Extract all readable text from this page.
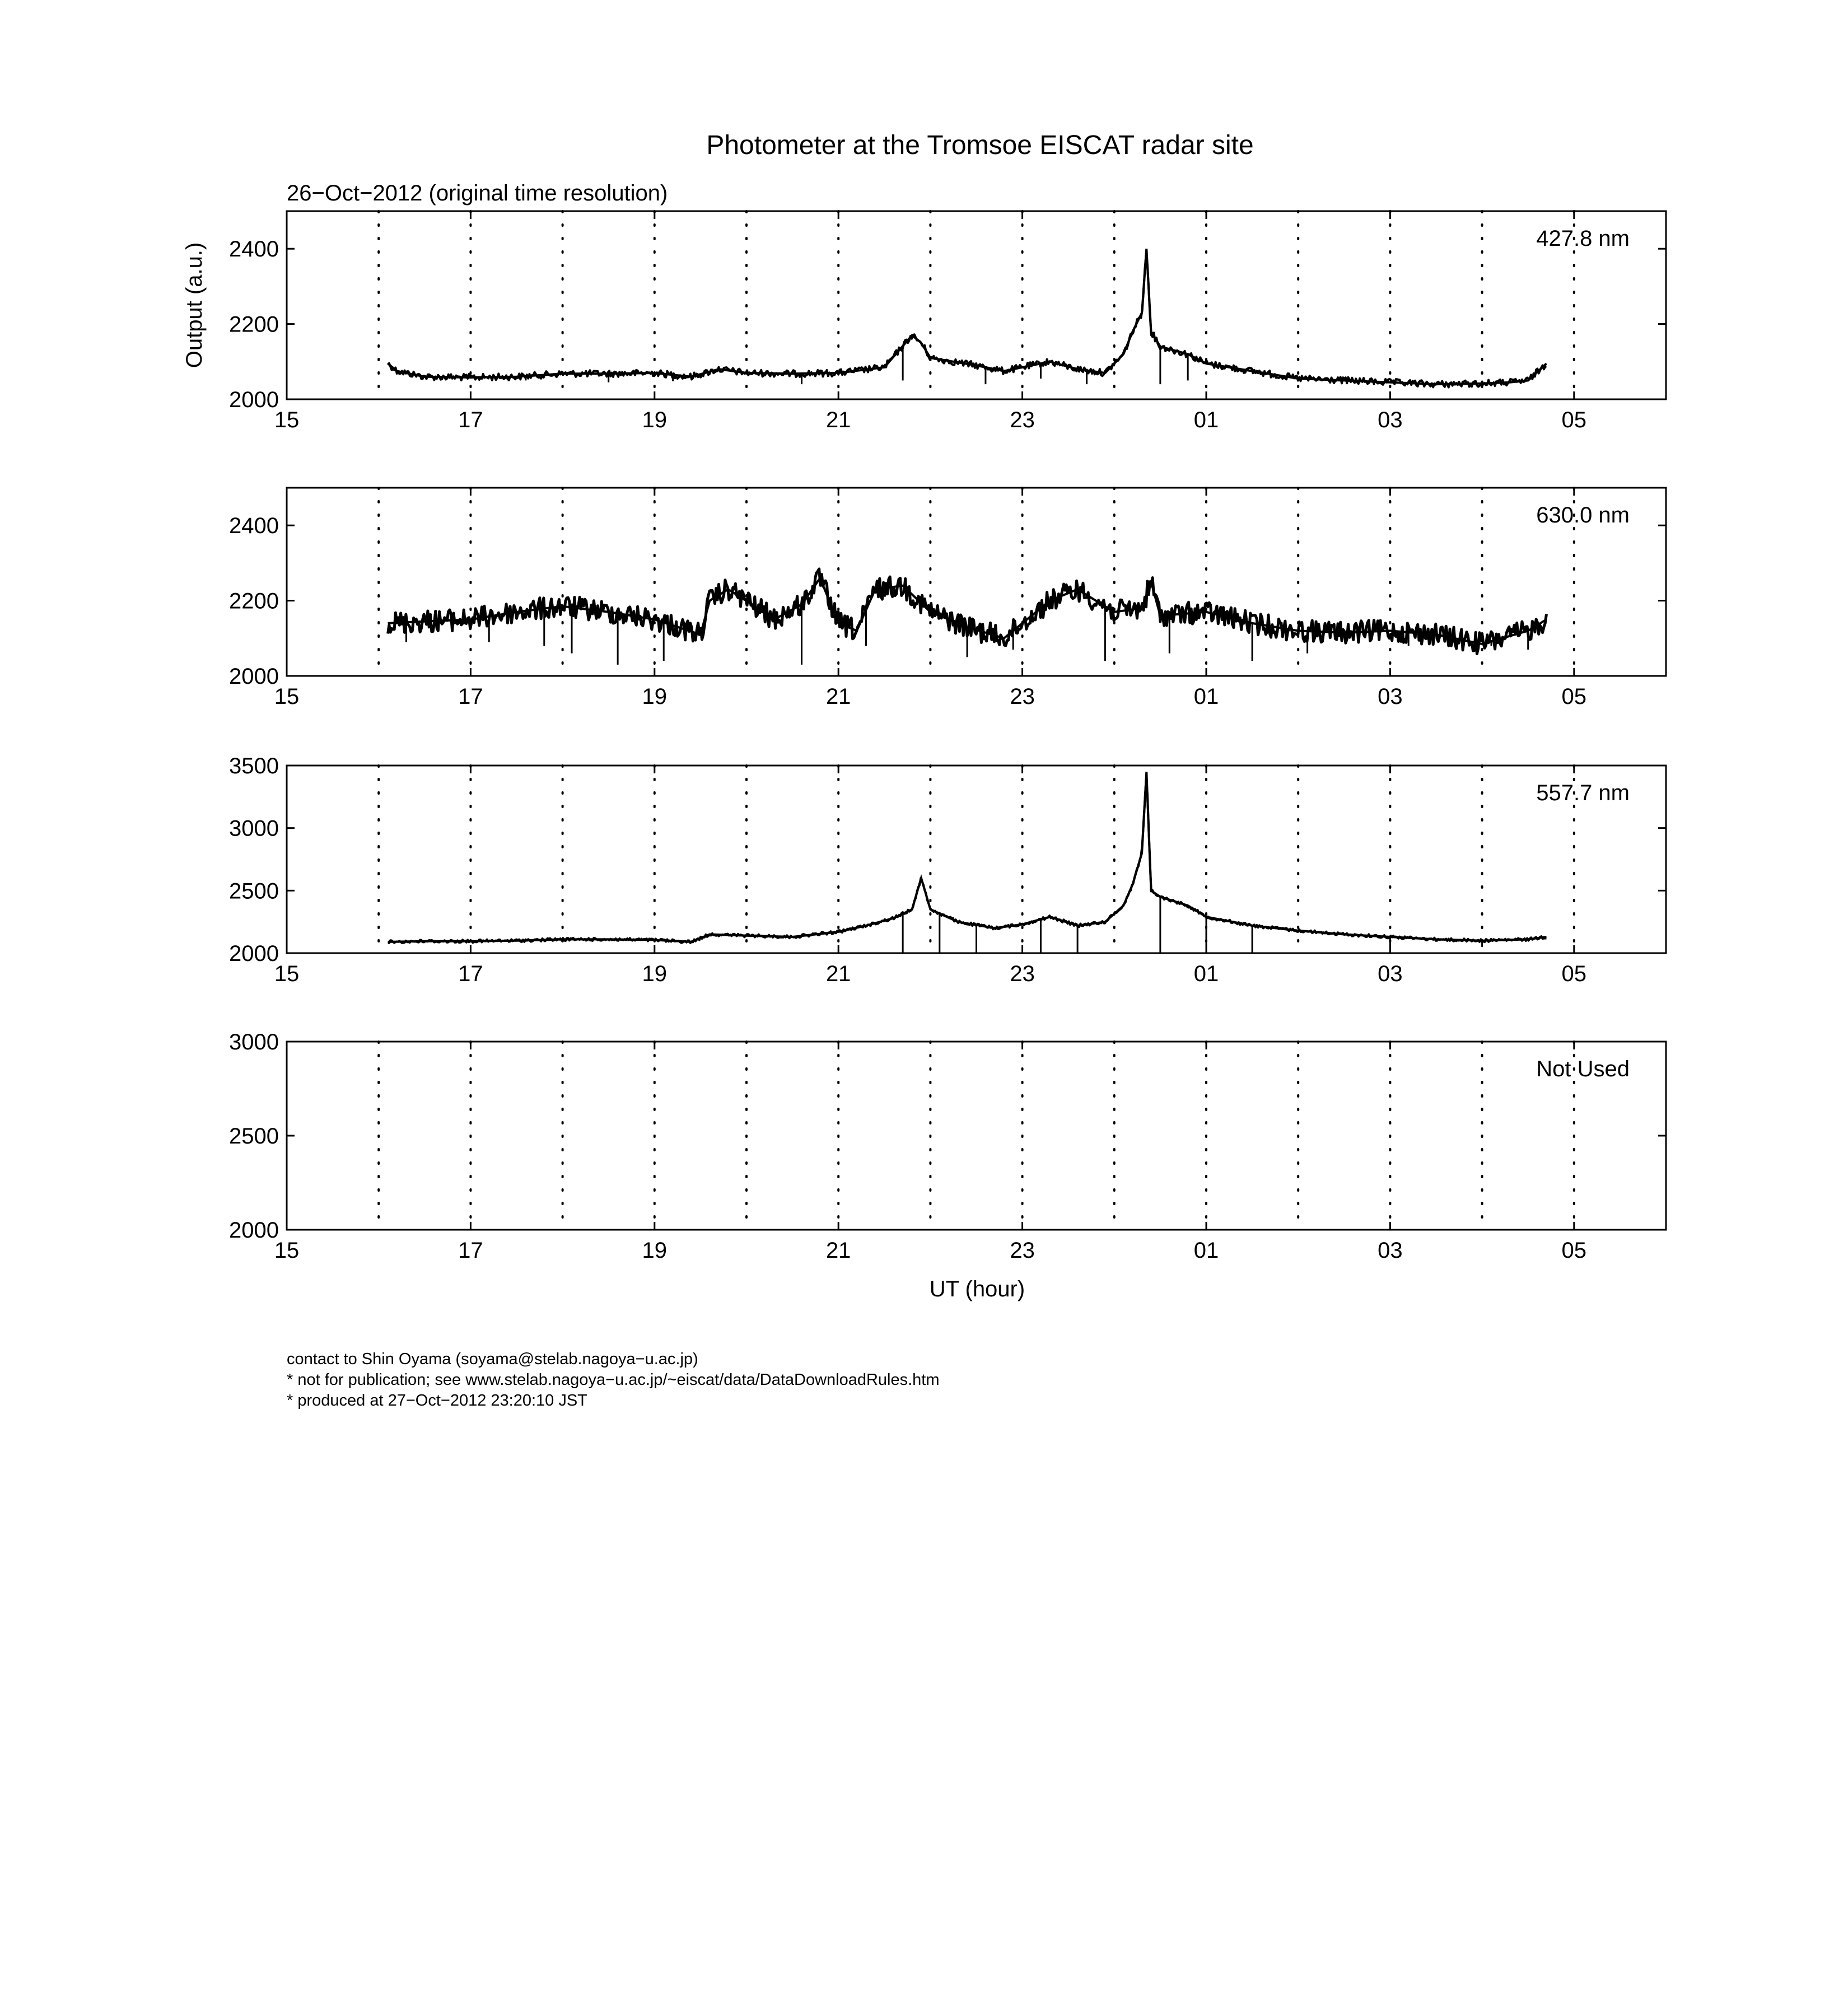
Photometer at the Tromsoe EISCAT radar site
26−Oct−2012 (original time resolution)
Output (a.u.)
UT (hour)
contact to Shin Oyama (soyama@stelab.nagoya−u.ac.jp)
* not for publication; see www.stelab.nagoya−u.ac.jp/~eiscat/data/DataDownloadRules.htm
* produced at 27−Oct−2012 23:20:10 JST
15	17	19	21	23	01	03	05
2000
2200
2400	427.8 nm
15	17	19	21	23	01	03	05
2000
2200
2400	630.0 nm
15	17	19	21	23	01	03	05
2000
2500
3000
3500
557.7 nm
15	17	19	21	23	01	03	05
2000
2500
3000
Not Used
